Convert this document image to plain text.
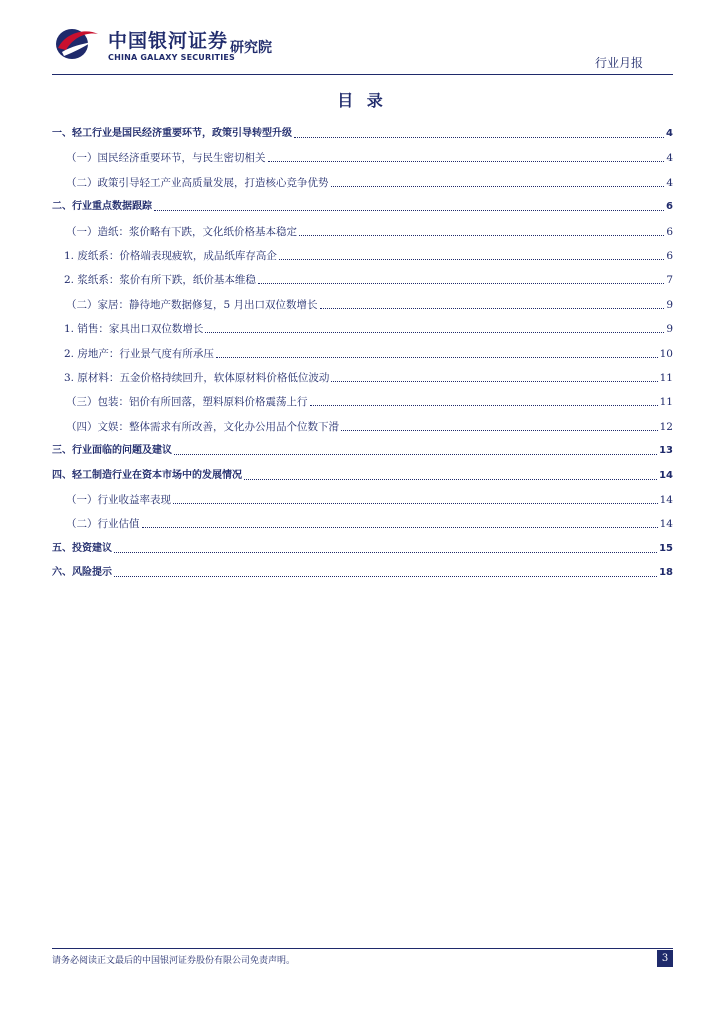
中国银河证券
CHINA GALAXY SECURITIES
研究院
行业月报
目 录
一、轻工行业是国民经济重要环节，政策引导转型升级	4
（一）国民经济重要环节，与民生密切相关	4
（二）政策引导轻工产业高质量发展，打造核心竞争优势	4
二、行业重点数据跟踪	6
（一）造纸：浆价略有下跌，文化纸价格基本稳定	6
1. 废纸系：价格端表现疲软，成品纸库存高企	6
2. 浆纸系：浆价有所下跌，纸价基本维稳	7
（二）家居：静待地产数据修复，5 月出口双位数增长	9
1. 销售：家具出口双位数增长	9
2. 房地产：行业景气度有所承压	10
3. 原材料：五金价格持续回升，软体原材料价格低位波动	11
（三）包装：铝价有所回落，塑料原料价格震荡上行	11
（四）文娱：整体需求有所改善，文化办公用品个位数下滑	12
三、行业面临的问题及建议	13
四、轻工制造行业在资本市场中的发展情况	14
（一）行业收益率表现	14
（二）行业估值	14
五、投资建议	15
六、风险提示	18
请务必阅读正文最后的中国银河证券股份有限公司免责声明。	3
